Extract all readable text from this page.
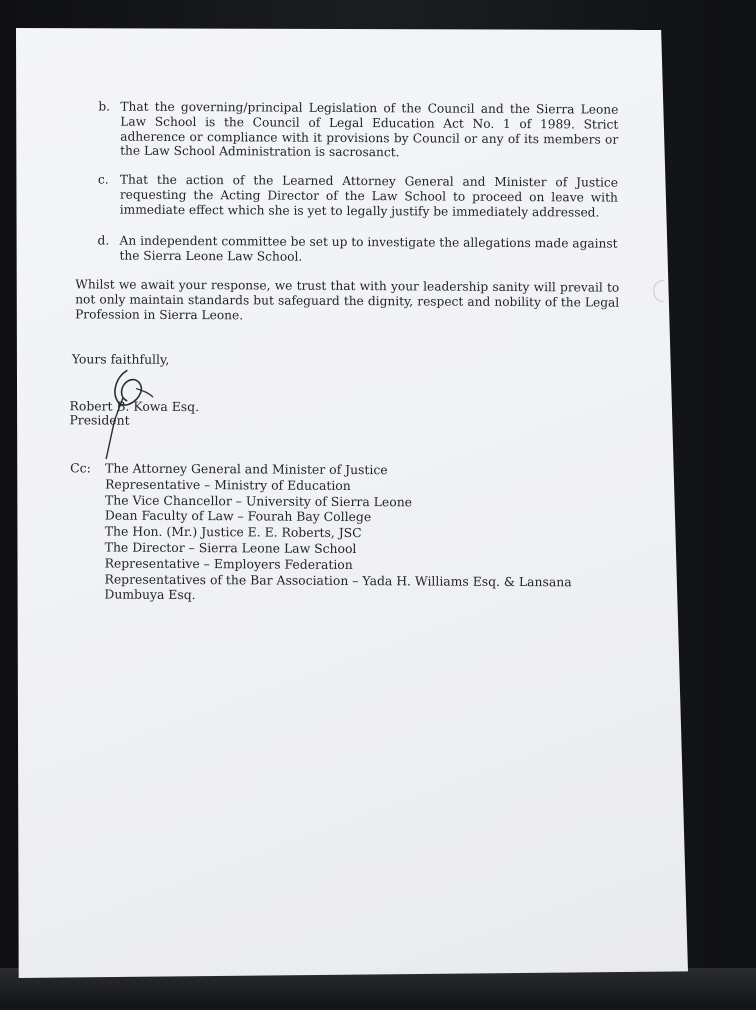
b. That the governing/principal Legislation of the Council and the Sierra Leone Law School is the Council of Legal Education Act No. 1 of 1989. Strict adherence or compliance with it provisions by Council or any of its members or the Law School Administration is sacrosanct.
c. That the action of the Learned Attorney General and Minister of Justice requesting the Acting Director of the Law School to proceed on leave with immediate effect which she is yet to legally justify be immediately addressed.
d. An independent committee be set up to investigate the allegations made against the Sierra Leone Law School.
Whilst we await your response, we trust that with your leadership sanity will prevail to not only maintain standards but safeguard the dignity, respect and nobility of the Legal Profession in Sierra Leone.
Yours faithfully,
Robert B. Kowa Esq.
President
Cc: The Attorney General and Minister of Justice
Representative – Ministry of Education
The Vice Chancellor – University of Sierra Leone
Dean Faculty of Law – Fourah Bay College
The Hon. (Mr.) Justice E. E. Roberts, JSC
The Director – Sierra Leone Law School
Representative – Employers Federation
Representatives of the Bar Association – Yada H. Williams Esq. & Lansana Dumbuya Esq.
